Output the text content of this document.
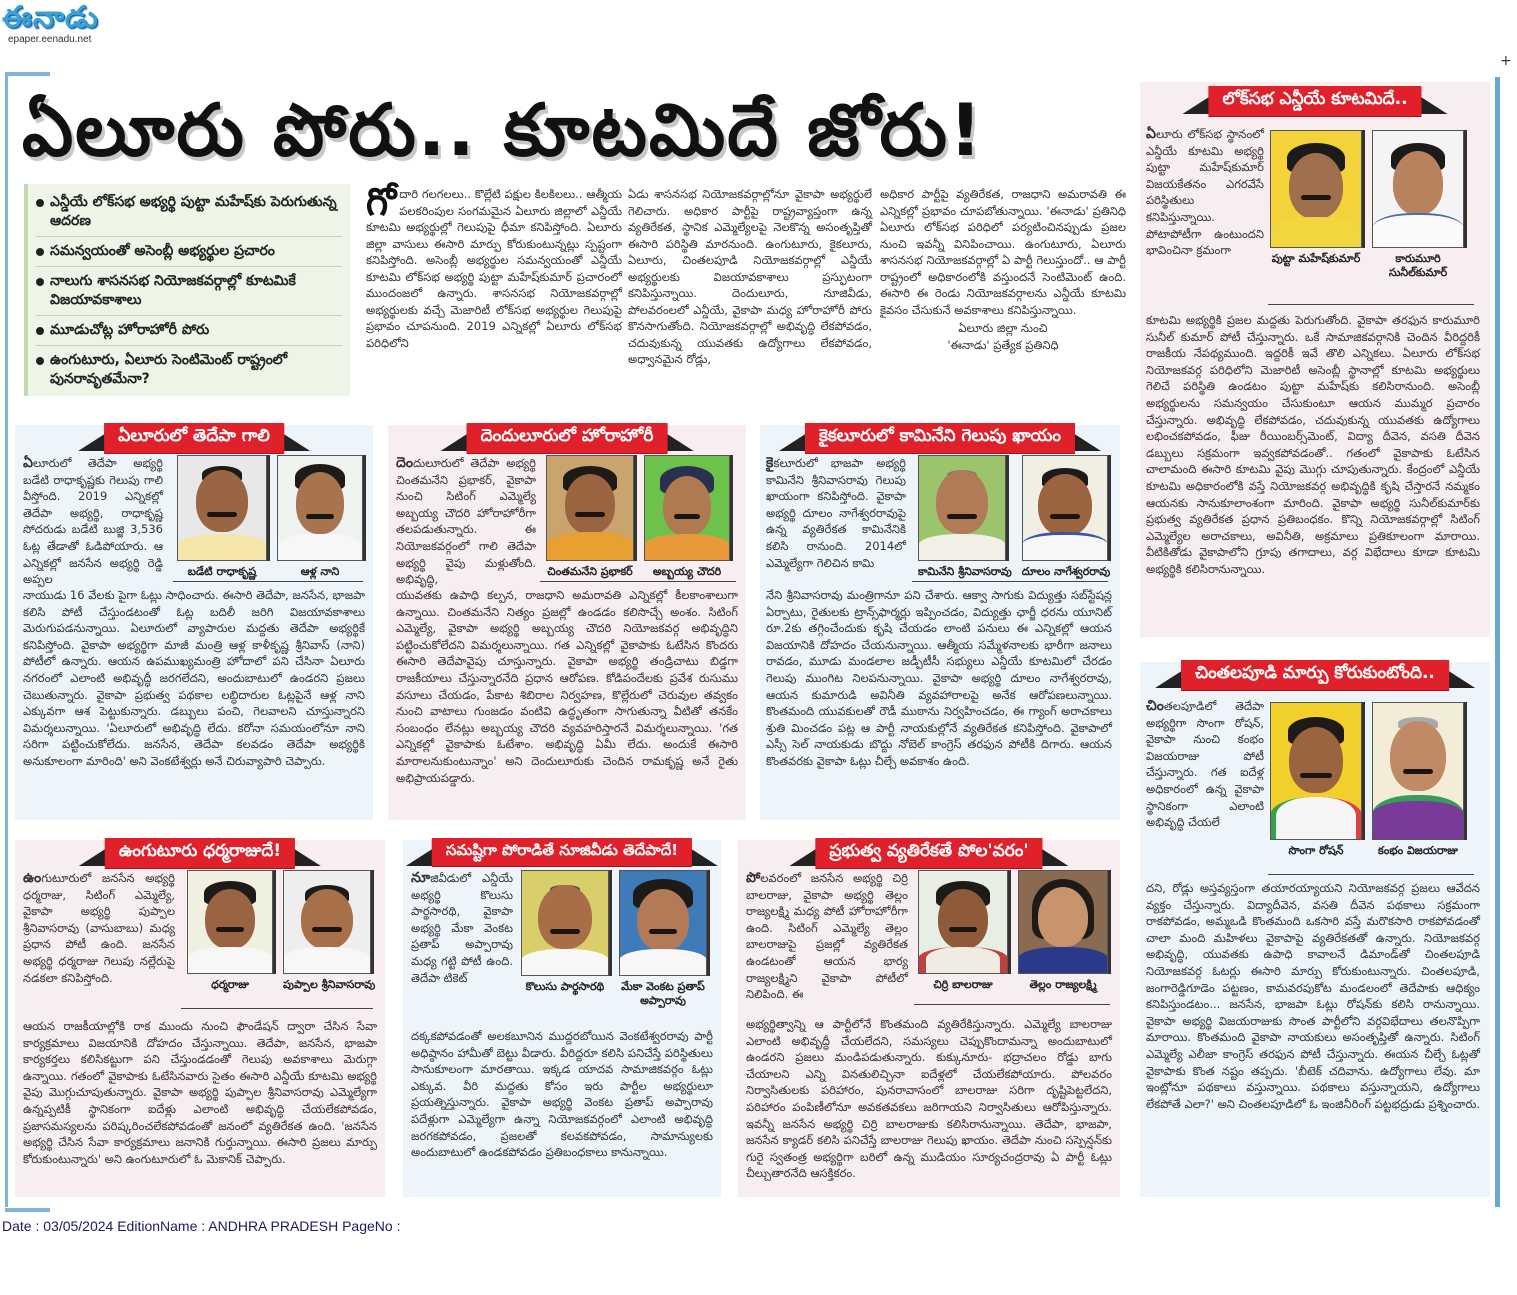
ఈనాడు
epaper.eenadu.net
+
ఏలూరు పోరు.. కూటమిదే జోరు!
ఎన్డీయే లోక్‌సభ అభ్యర్థి పుట్టా మహేష్‌కు పెరుగుతున్న ఆదరణ
సమన్వయంతో అసెంబ్లీ అభ్యర్థుల ప్రచారం
నాలుగు శాసనసభ నియోజకవర్గాల్లో కూటమికే విజయావకాశాలు
మూడుచోట్ల హోరాహోరీ పోరు
ఉంగుటూరు, ఏలూరు సెంటిమెంట్ రాష్ట్రంలో పునరావృతమేనా?
గోదారి గలగలలు.. కొల్లేటి పక్షుల కిలకిలలు.. ఆత్మీయ పలకరింపుల సంగమమైన ఏలూరు జిల్లాలో ఎన్డీయే కూటమి అభ్యర్థుల్లో గెలుపుపై ధీమా కనిపిస్తోంది. ఏలూరు జిల్లా వాసులు ఈసారి మార్పు కోరుకుంటున్నట్లు స్పష్టంగా కనిపిస్తోంది. అసెంబ్లీ అభ్యర్థుల సమన్వయంతో ఎన్డీయే కూటమి లోక్‌సభ అభ్యర్థి పుట్టా మహేష్‌కుమార్ ప్రచారంలో ముందంజలో ఉన్నారు. శాసనసభ నియోజకవర్గాల్లో అభ్యర్థులకు వచ్చే మెజారిటీ లోక్‌సభ అభ్యర్థుల గెలుపుపై ప్రభావం చూపనుంది. 2019 ఎన్నికల్లో ఏలూరు లోక్‌సభ పరిధిలోని
ఏడు శాసనసభ నియోజకవర్గాల్లోనూ వైకాపా అభ్యర్థులే గెలిచారు. అధికార పార్టీపై రాష్ట్రవ్యాప్తంగా ఉన్న వ్యతిరేకత, స్థానిక ఎమ్మెల్యేలపై నెలకొన్న అసంతృప్తితో ఈసారి పరిస్థితి మారనుంది. ఉంగుటూరు, కైకలూరు, ఏలూరు, చింతలపూడి నియోజకవర్గాల్లో ఎన్డీయే అభ్యర్థులకు విజయావకాశాలు ప్రస్ఫుటంగా కనిపిస్తున్నాయి. దెందులూరు, నూజివీడు, పోలవరంలలో ఎన్డీయే, వైకాపా మధ్య హోరాహోరీ పోరు కొనసాగుతోంది. నియోజకవర్గాల్లో అభివృద్ధి లేకపోవడం, చదువుకున్న యువతకు ఉద్యోగాలు లేకపోవడం, అధ్వానమైన రోడ్లు,
అధికార పార్టీపై వ్యతిరేకత, రాజధాని అమరావతి ఈ ఎన్నికల్లో ప్రభావం చూపబోతున్నాయి. 'ఈనాడు' ప్రతినిధి ఏలూరు లోక్‌సభ పరిధిలో పర్యటించినప్పుడు ప్రజల నుంచి ఇవన్నీ వినిపించాయి. ఉంగుటూరు, ఏలూరు శాసనసభ నియోజకవర్గాల్లో ఏ పార్టీ గెలుస్తుందో.. ఆ పార్టీ రాష్ట్రంలో అధికారంలోకి వస్తుందనే సెంటిమెంట్ ఉంది. ఈసారి ఈ రెండు నియోజకవర్గాలను ఎన్డీయే కూటమి కైవసం చేసుకునే అవకాశాలు కనిపిస్తున్నాయి.
ఏలూరు జిల్లా నుంచి
'ఈనాడు' ప్రత్యేక ప్రతినిధి
లోక్‌సభ ఎన్డీయే కూటమిదే..
ఏలూరు లోక్‌సభ స్థానంలో ఎన్డీయే కూటమి అభ్యర్థి పుట్టా మహేష్‌కుమార్ విజయకేతనం ఎగరవేసే పరిస్థితులు కనిపిస్తున్నాయి. పోటాపోటీగా ఉంటుందని భావించినా క్రమంగా
పుట్టా మహేష్‌కుమార్	కారుమూరి సునీల్‌కుమార్
కూటమి అభ్యర్థికి ప్రజల మద్దతు పెరుగుతోంది. వైకాపా తరఫున కారుమూరి సునీల్ కుమార్ పోటీ చేస్తున్నారు. ఒకే సామాజికవర్గానికి చెందిన వీరిద్దరికీ రాజకీయ నేపథ్యముంది. ఇద్దరికీ ఇవే తొలి ఎన్నికలు. ఏలూరు లోక్‌సభ నియోజకవర్గ పరిధిలోని మెజారిటీ అసెంబ్లీ స్థానాల్లో కూటమి అభ్యర్థులు గెలిచే పరిస్థితి ఉండటం పుట్టా మహేష్‌కు కలిసిరానుంది. అసెంబ్లీ అభ్యర్థులను సమన్వయం చేసుకుంటూ ఆయన ముమ్మర ప్రచారం చేస్తున్నారు. అభివృద్ధి లేకపోవడం, చదువుకున్న యువతకు ఉద్యోగాలు లభించకపోవడం, ఫీజు రీయింబర్స్‌మెంట్, విద్యా దీవెన, వసతి దీవెన డబ్బులు సక్రమంగా ఇవ్వకపోవడంతో.. గతంలో వైకాపాకు ఓటేసిన చాలామంది ఈసారి కూటమి వైపు మొగ్గు చూపుతున్నారు. కేంద్రంలో ఎన్డీయే కూటమి అధికారంలోకి వస్తే నియోజకవర్గ అభివృద్ధికి కృషి చేస్తారనే నమ్మకం ఆయనకు సానుకూలాంశంగా మారింది. వైకాపా అభ్యర్థి సునీల్‌కుమార్‌కు ప్రభుత్వ వ్యతిరేకత ప్రధాన ప్రతిబంధకం. కొన్ని నియోజకవర్గాల్లో సిటింగ్ ఎమ్మెల్యేల అరాచకాలు, అవినీతి, అక్రమాలు ప్రతికూలంగా మారాయి. వీటికితోడు వైకాపాలోని గ్రూపు తగాదాలు, వర్గ విభేదాలు కూడా కూటమి అభ్యర్థికి కలిసిరానున్నాయి.
ఏలూరులో తెదేపా గాలి
ఏలూరులో తెదేపా అభ్యర్థి బడేటి రాధాకృష్ణకు గెలుపు గాలి వీస్తోంది. 2019 ఎన్నికల్లో తెదేపా అభ్యర్థి, రాధాకృష్ణ సోదరుడు బడేటి బుజ్జి 3,536 ఓట్ల తేడాతో ఓడిపోయారు. ఆ ఎన్నికల్లో జనసేన అభ్యర్థి రెడ్డి అప్పల
బడేటి రాధాకృష్ణ	ఆళ్ల నాని
నాయుడు 16 వేలకు పైగా ఓట్లు సాధించారు. ఈసారి తెదేపా, జనసేన, భాజపా కలిసి పోటీ చేస్తుండటంతో ఓట్ల బదిలీ జరిగి విజయావకాశాలు మెరుగుపడనున్నాయి. ఏలూరులో వ్యాపారుల మద్దతు తెదేపా అభ్యర్థికే కనిపిస్తోంది. వైకాపా అభ్యర్థిగా మాజీ మంత్రి ఆళ్ల కాళీకృష్ణ శ్రీనివాస్ (నాని) పోటీలో ఉన్నారు. ఆయన ఉపముఖ్యమంత్రి హోదాలో పని చేసినా ఏలూరు నగరంలో ఎలాంటి అభివృద్ధీ జరగలేదని, అందుబాటులో ఉండరని ప్రజలు చెబుతున్నారు. వైకాపా ప్రభుత్వ పథకాల లబ్ధిదారుల ఓట్లపైనే ఆళ్ల నాని ఎక్కువగా ఆశ పెట్టుకున్నారు. డబ్బులు పంచి, గెలవాలని చూస్తున్నారని విమర్శలున్నాయి. 'ఏలూరులో అభివృద్ధి లేదు. కరోనా సమయంలోనూ నాని సరిగా పట్టించుకోలేదు. జనసేన, తెదేపా కలవడం తెదేపా అభ్యర్థికి అనుకూలంగా మారింది' అని వెంకటేశ్వర్లు అనే చిరువ్యాపారి చెప్పారు.
దెందులూరులో హోరాహోరీ
దెందులూరులో తెదేపా అభ్యర్థి చింతమనేని ప్రభాకర్, వైకాపా నుంచి సిటింగ్ ఎమ్మెల్యే అబ్బయ్య చౌదరి హోరాహోరీగా తలపడుతున్నారు. ఈ నియోజకవర్గంలో గాలి తెదేపా అభ్యర్థి వైపు మళ్లుతోంది. అభివృద్ధి,
చింతమనేని ప్రభాకర్	అబ్బయ్య చౌదరి
యువతకు ఉపాధి కల్పన, రాజధాని అమరావతి ఎన్నికల్లో కీలకాంశాలుగా ఉన్నాయి. చింతమనేని నిత్యం ప్రజల్లో ఉండడం కలిసొచ్చే అంశం. సిటింగ్ ఎమ్మెల్యే, వైకాపా అభ్యర్థి అబ్బయ్య చౌదరి నియోజకవర్గ అభివృద్ధిని పట్టించుకోలేదని విమర్శలున్నాయి. గత ఎన్నికల్లో వైకాపాకు ఓటేసిన కొందరు ఈసారి తెదేపావైపు చూస్తున్నారు. వైకాపా అభ్యర్థి తండ్రిచాటు బిడ్డగా రాజకీయాలు చేస్తున్నారనేది ప్రధాన ఆరోపణ. కోడిపందేలకు ప్రవేశ రుసుము వసూలు చేయడం, పేకాట శిబిరాల నిర్వహణ, కొల్లేరులో చెరువుల తవ్వకం నుంచి వాటాలు గుంజడం వంటివి ఉద్ధృతంగా సాగుతున్నా వీటితో తనకేం సంబంధం లేనట్లు అబ్బయ్య చౌదరి వ్యవహరిస్తారనే విమర్శలున్నాయి. 'గత ఎన్నికల్లో వైకాపాకు ఓటేశాం. అభివృద్ధి ఏమీ లేదు. అందుకే ఈసారి మారాలనుకుంటున్నాం' అని దెందులూరుకు చెందిన రామకృష్ణ అనే రైతు అభిప్రాయపడ్డారు.
కైకలూరులో కామినేని గెలుపు ఖాయం
కైకలూరులో భాజపా అభ్యర్థి కామినేని శ్రీనివాసరావు గెలుపు ఖాయంగా కనిపిస్తోంది. వైకాపా అభ్యర్థి దూలం నాగేశ్వరరావుపై ఉన్న వ్యతిరేకత కామినేనికి కలిసి రానుంది. 2014లో ఎమ్మెల్యేగా గెలిచిన కామి
కామినేని శ్రీనివాసరావు దూలం నాగేశ్వరరావు
నేని శ్రీనివాసరావు మంత్రిగానూ పని చేశారు. ఆక్వా సాగుకు విద్యుత్తు సబ్‌స్టేషన్ల ఏర్పాటు, రైతులకు ట్రాన్స్‌ఫార్మర్లు ఇప్పించడం, విద్యుత్తు ఛార్జీ ధరను యూనిట్ రూ.2కు తగ్గించేందుకు కృషి చేయడం లాంటి పనులు ఈ ఎన్నికల్లో ఆయన విజయానికి దోహదం చేయనున్నాయి. ఆత్మీయ సమ్మేళనాలకు భారీగా జనాలు రావడం, మూడు మండలాల జడ్పీటీసీ సభ్యులు ఎన్డీయే కూటమిలో చేరడం గెలుపు ముంగిట నిలపనున్నాయి. వైకాపా అభ్యర్థి దూలం నాగేశ్వరరావు, ఆయన కుమారుడి అవినీతి వ్యవహారాలపై అనేక ఆరోపణలున్నాయి. కొంతమంది యువకులతో రౌడీ ముఠాను నిర్వహించడం, ఈ గ్యాంగ్ అరాచకాలు శ్రుతి మించడం పట్ల ఆ పార్టీ నాయకుల్లోనే వ్యతిరేకత కనిపిస్తోంది. వైకాపాలో ఎస్సీ సెల్ నాయకుడు బొద్దు నోబెల్ కాంగ్రెస్ తరఫున పోటీకి దిగారు. ఆయన కొంతవరకు వైకాపా ఓట్లు చీల్చే అవకాశం ఉంది.
చింతలపూడి మార్పు కోరుకుంటోంది..
చింతలపూడిలో తెదేపా అభ్యర్థిగా సొంగా రోషన్, వైకాపా నుంచి కంభం విజయరాజు పోటీ చేస్తున్నారు. గత ఐదేళ్ల అధికారంలో ఉన్న వైకాపా స్థానికంగా ఎలాంటి అభివృద్ధి చేయలే
సొంగా రోషన్	కంభం విజయరాజు
దని, రోడ్లు అస్తవ్యస్తంగా తయారయ్యాయని నియోజకవర్గ ప్రజలు ఆవేదన వ్యక్తం చేస్తున్నారు. విద్యాదీవెన, వసతి దీవెన పథకాలు సక్రమంగా రాకపోవడం, అమ్మఒడి కొంతమంది ఒకసారి వస్తే మరొకసారి రాకపోవడంతో చాలా మంది మహిళలు వైకాపాపై వ్యతిరేకతతో ఉన్నారు. నియోజకవర్గ అభివృద్ధి, యువతకు ఉపాధి కావాలనే డిమాండ్‌తో చింతలపూడి నియోజకవర్గ ఓటర్లు ఈసారి మార్పు కోరుకుంటున్నారు. చింతలపూడి, జంగారెడ్డిగూడెం పట్టణం, కామవరపుకోట మండలంలో తెదేపాకు ఆధిక్యం కనిపిస్తుండటం... జనసేన, భాజపా ఓట్లు రోషన్‌కు కలిసి రానున్నాయి. వైకాపా అభ్యర్థి విజయరాజుకు సొంత పార్టీలోని వర్గవిభేదాలు తలనొప్పిగా మారాయి. కొంతమంది వైకాపా నాయకులు అసంతృప్తితో ఉన్నారు. సిటింగ్ ఎమ్మెల్యే ఎలీజా కాంగ్రెస్ తరఫున పోటీ చేస్తున్నారు. ఈయన చీల్చే ఓట్లతో వైకాపాకు కొంత నష్టం తప్పదు. 'బీటెక్ చదివాను. ఉద్యోగాలు లేవు. మా ఇంట్లోనూ పథకాలు వస్తున్నాయి. పథకాలు వస్తున్నాయని, ఉద్యోగాలు లేకపోతే ఎలా?' అని చింతలపూడిలో ఓ ఇంజినీరింగ్ పట్టభద్రుడు ప్రశ్నించారు.
ఉంగుటూరు ధర్మరాజుదే!
ఉంగుటూరులో జనసేన అభ్యర్థి ధర్మరాజు, సిటింగ్ ఎమ్మెల్యే, వైకాపా అభ్యర్థి పుప్పాల శ్రీనివాసరావు (వాసుబాబు) మధ్య ప్రధాన పోటీ ఉంది. జనసేన అభ్యర్థి ధర్మరాజు గెలుపు నల్లేరుపై నడకలా కనిపిస్తోంది.	ధర్మరాజు	పుప్పాల శ్రీనివాసరావు
ఆయన రాజకీయాల్లోకి రాక ముందు నుంచి ఫౌండేషన్ ద్వారా చేసిన సేవా కార్యక్రమాలు విజయానికి దోహదం చేస్తున్నాయి. తెదేపా, జనసేన, భాజపా కార్యకర్తలు కలిసికట్టుగా పని చేస్తుండడంతో గెలుపు అవకాశాలు మెరుగ్గా ఉన్నాయి. గతంలో వైకాపాకు ఓటేసినవారు సైతం ఈసారి ఎన్డీయే కూటమి అభ్యర్థి వైపు మొగ్గుచూపుతున్నారు. వైకాపా అభ్యర్థి పుప్పాల శ్రీనివాసరావు ఎమ్మెల్యేగా ఉన్నప్పటికీ స్థానికంగా ఐదేళ్లు ఎలాంటి అభివృద్ధి చేయలేకపోవడం, ప్రజాసమస్యలను పరిష్కరించలేకపోవడంతో జనంలో వ్యతిరేకత ఉంది. 'జనసేన అభ్యర్థి చేసిన సేవా కార్యక్రమాలు జనానికి గుర్తున్నాయి. ఈసారి ప్రజలు మార్పు కోరుకుంటున్నారు' అని ఉంగుటూరులో ఓ మెకానిక్ చెప్పారు.
సమష్టిగా పోరాడితే నూజివీడు తెదేపాదే!
నూజివీడులో ఎన్డీయే అభ్యర్థి కొలుసు పార్థసారథి, వైకాపా అభ్యర్థి మేకా వెంకట ప్రతాప్ అప్పారావు మధ్య గట్టి పోటీ ఉంది. తెదేపా టికెట్
కొలుసు పార్థసారథి	మేకా వెంకట ప్రతాప్ అప్పారావు
దక్కకపోవడంతో అలకబూనిన ముద్దరబోయిన వెంకటేశ్వరరావు పార్టీ అధిష్ఠానం హామీతో బెట్టు వీడారు. వీరిద్దరూ కలిసి పనిచేస్తే పరిస్థితులు సానుకూలంగా మారతాయి. ఇక్కడ యాదవ సామాజికవర్గం ఓట్లు ఎక్కువ. వీరి మద్దతు కోసం ఇరు పార్టీల అభ్యర్థులూ ప్రయత్నిస్తున్నారు. వైకాపా అభ్యర్థి వెంకట ప్రతాప్ అప్పారావు పదేళ్లుగా ఎమ్మెల్యేగా ఉన్నా నియోజకవర్గంలో ఎలాంటి అభివృద్ధి జరగకపోవడం, ప్రజలతో కలవకపోవడం, సామాన్యులకు అందుబాటులో ఉండకపోవడం ప్రతిబంధకాలు కానున్నాయి.
ప్రభుత్వ వ్యతిరేకతే పోల'వరం'
పోలవరంలో జనసేన అభ్యర్థి చిర్రి బాలరాజు, వైకాపా అభ్యర్థి తెల్లం రాజ్యలక్ష్మి మధ్య పోటీ హోరాహోరీగా ఉంది. సిటింగ్ ఎమ్మెల్యే తెల్లం బాలరాజుపై ప్రజల్లో వ్యతిరేకత ఉండటంతో ఆయన భార్య రాజ్యలక్ష్మిని వైకాపా పోటీలో నిలిపింది. ఈ
చిర్రి బాలరాజు	తెల్లం రాజ్యలక్ష్మి
అభ్యర్థిత్వాన్ని ఆ పార్టీలోనే కొంతమంది వ్యతిరేకిస్తున్నారు. ఎమ్మెల్యే బాలరాజు ఎలాంటి అభివృద్ధీ చేయలేదని, సమస్యలు చెప్పుకొందామన్నా అందుబాటులో ఉండరని ప్రజలు మండిపడుతున్నారు. కుక్కునూరు- భద్రాచలం రోడ్డు బాగు చేయాలని ఎన్ని వినతులిచ్చినా ఐదేళ్లలో చేయలేకపోయారు. పోలవరం నిర్వాసితులకు పరిహారం, పునరావాసంలో బాలరాజు సరిగా దృష్టిపెట్టలేదని, పరిహారం పంపిణీలోనూ అవకతవకలు జరిగాయని నిర్వాసితులు ఆరోపిస్తున్నారు. ఇవన్నీ జనసేన అభ్యర్థి చిర్రి బాలరాజుకు కలిసిరానున్నాయి. తెదేపా, భాజపా, జనసేన క్యాడర్ కలిసి పనిచేస్తే బాలరాజు గెలుపు ఖాయం. తెదేపా నుంచి సస్పెన్షన్‌కు గురై స్వతంత్ర అభ్యర్థిగా బరిలో ఉన్న ముడియం సూర్యచంద్రరావు ఏ పార్టీ ఓట్లు చీల్చుతారనేది ఆసక్తికరం.
Date : 03/05/2024 EditionName : ANDHRA PRADESH PageNo :
